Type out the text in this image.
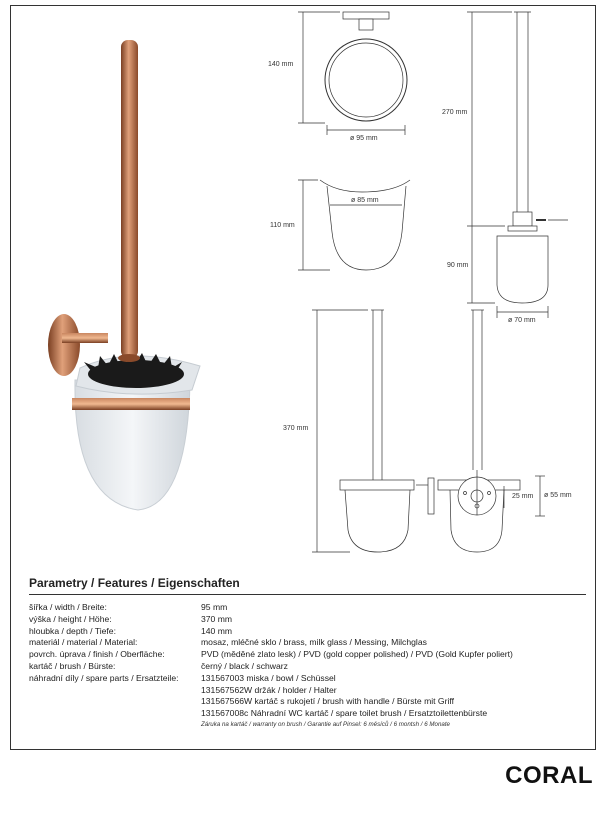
140 mm
ø 95 mm
270 mm
110 mm
ø 85 mm
90 mm
ø 70 mm
370 mm
25 mm ø 55 mm
Parametry / Features / Eigenschaften
šířka / width / Breite:	95 mm
výška / height / Höhe:	370 mm
hloubka / depth / Tiefe:	140 mm
materiál / material / Material:	mosaz, mléčné sklo / brass, milk glass / Messing, Milchglas
povrch. úprava / finish / Oberfläche:	PVD (měděné zlato lesk) / PVD (gold copper polished) / PVD (Gold Kupfer poliert)
kartáč / brush / Bürste:	černý / black / schwarz
náhradní díly / spare parts / Ersatzteile:	131567003 miska / bowl / Schüssel
131567562W držák / holder / Halter
131567566W kartáč s rukojetí / brush with handle / Bürste mit Griff
131567008c Náhradní WC kartáč / spare toilet brush / Ersatztoilettenbürste
Záruka na kartáč / warranty on brush / Garantie auf Pinsel: 6 měsíců / 6 montsh / 6 Monate
CORAL
